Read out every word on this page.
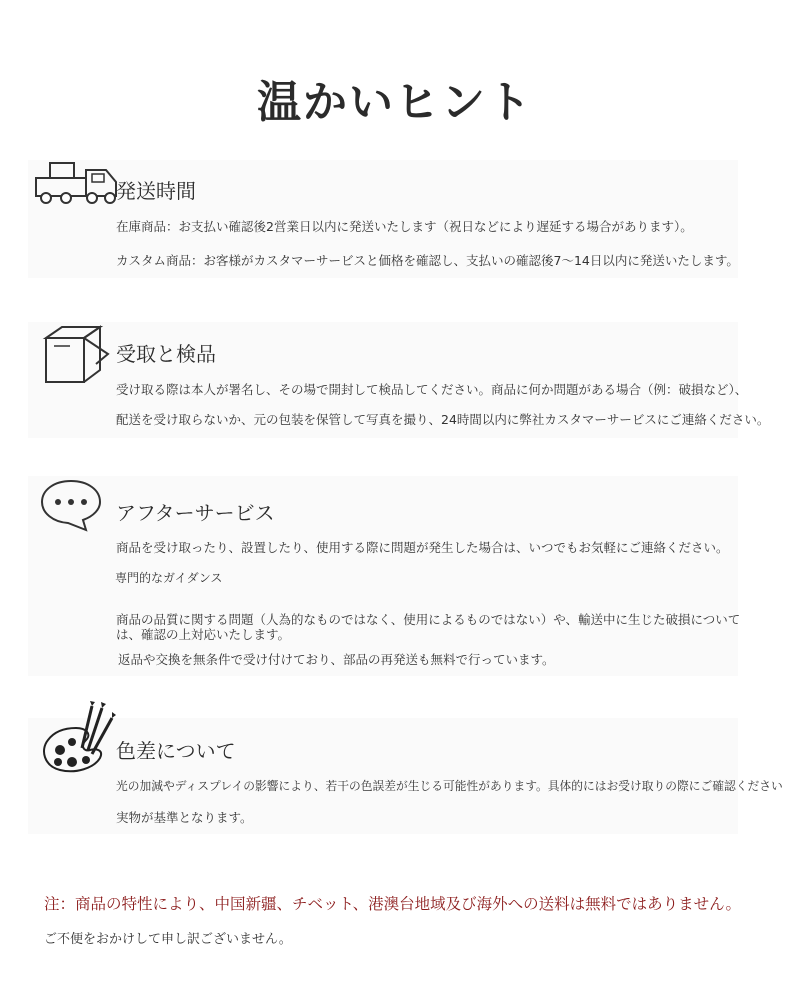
温かいヒント
発送時間

在庫商品：お支払い確認後2営業日以内に発送いたします（祝日などにより遅延する場合があります）。

カスタム商品：お客様がカスタマーサービスと価格を確認し、支払いの確認後7〜14日以内に発送いたします。

受取と検品

受け取る際は本人が署名し、その場で開封して検品してください。商品に何か問題がある場合（例：破損など）、

配送を受け取らないか、元の包装を保管して写真を撮り、24時間以内に弊社カスタマーサービスにご連絡ください。

アフターサービス

商品を受け取ったり、設置したり、使用する際に問題が発生した場合は、いつでもお気軽にご連絡ください。

専門的なガイダンス

商品の品質に関する問題（人為的なものではなく、使用によるものではない）や、輸送中に生じた破損については、確認の上対応いたします。

返品や交換を無条件で受け付けており、部品の再発送も無料で行っています。

色差について

光の加減やディスプレイの影響により、若干の色誤差が生じる可能性があります。具体的にはお受け取りの際にご確認ください

実物が基準となります。

注：商品の特性により、中国新疆、チベット、港澳台地域及び海外への送料は無料ではありません。

ご不便をおかけして申し訳ございません。
